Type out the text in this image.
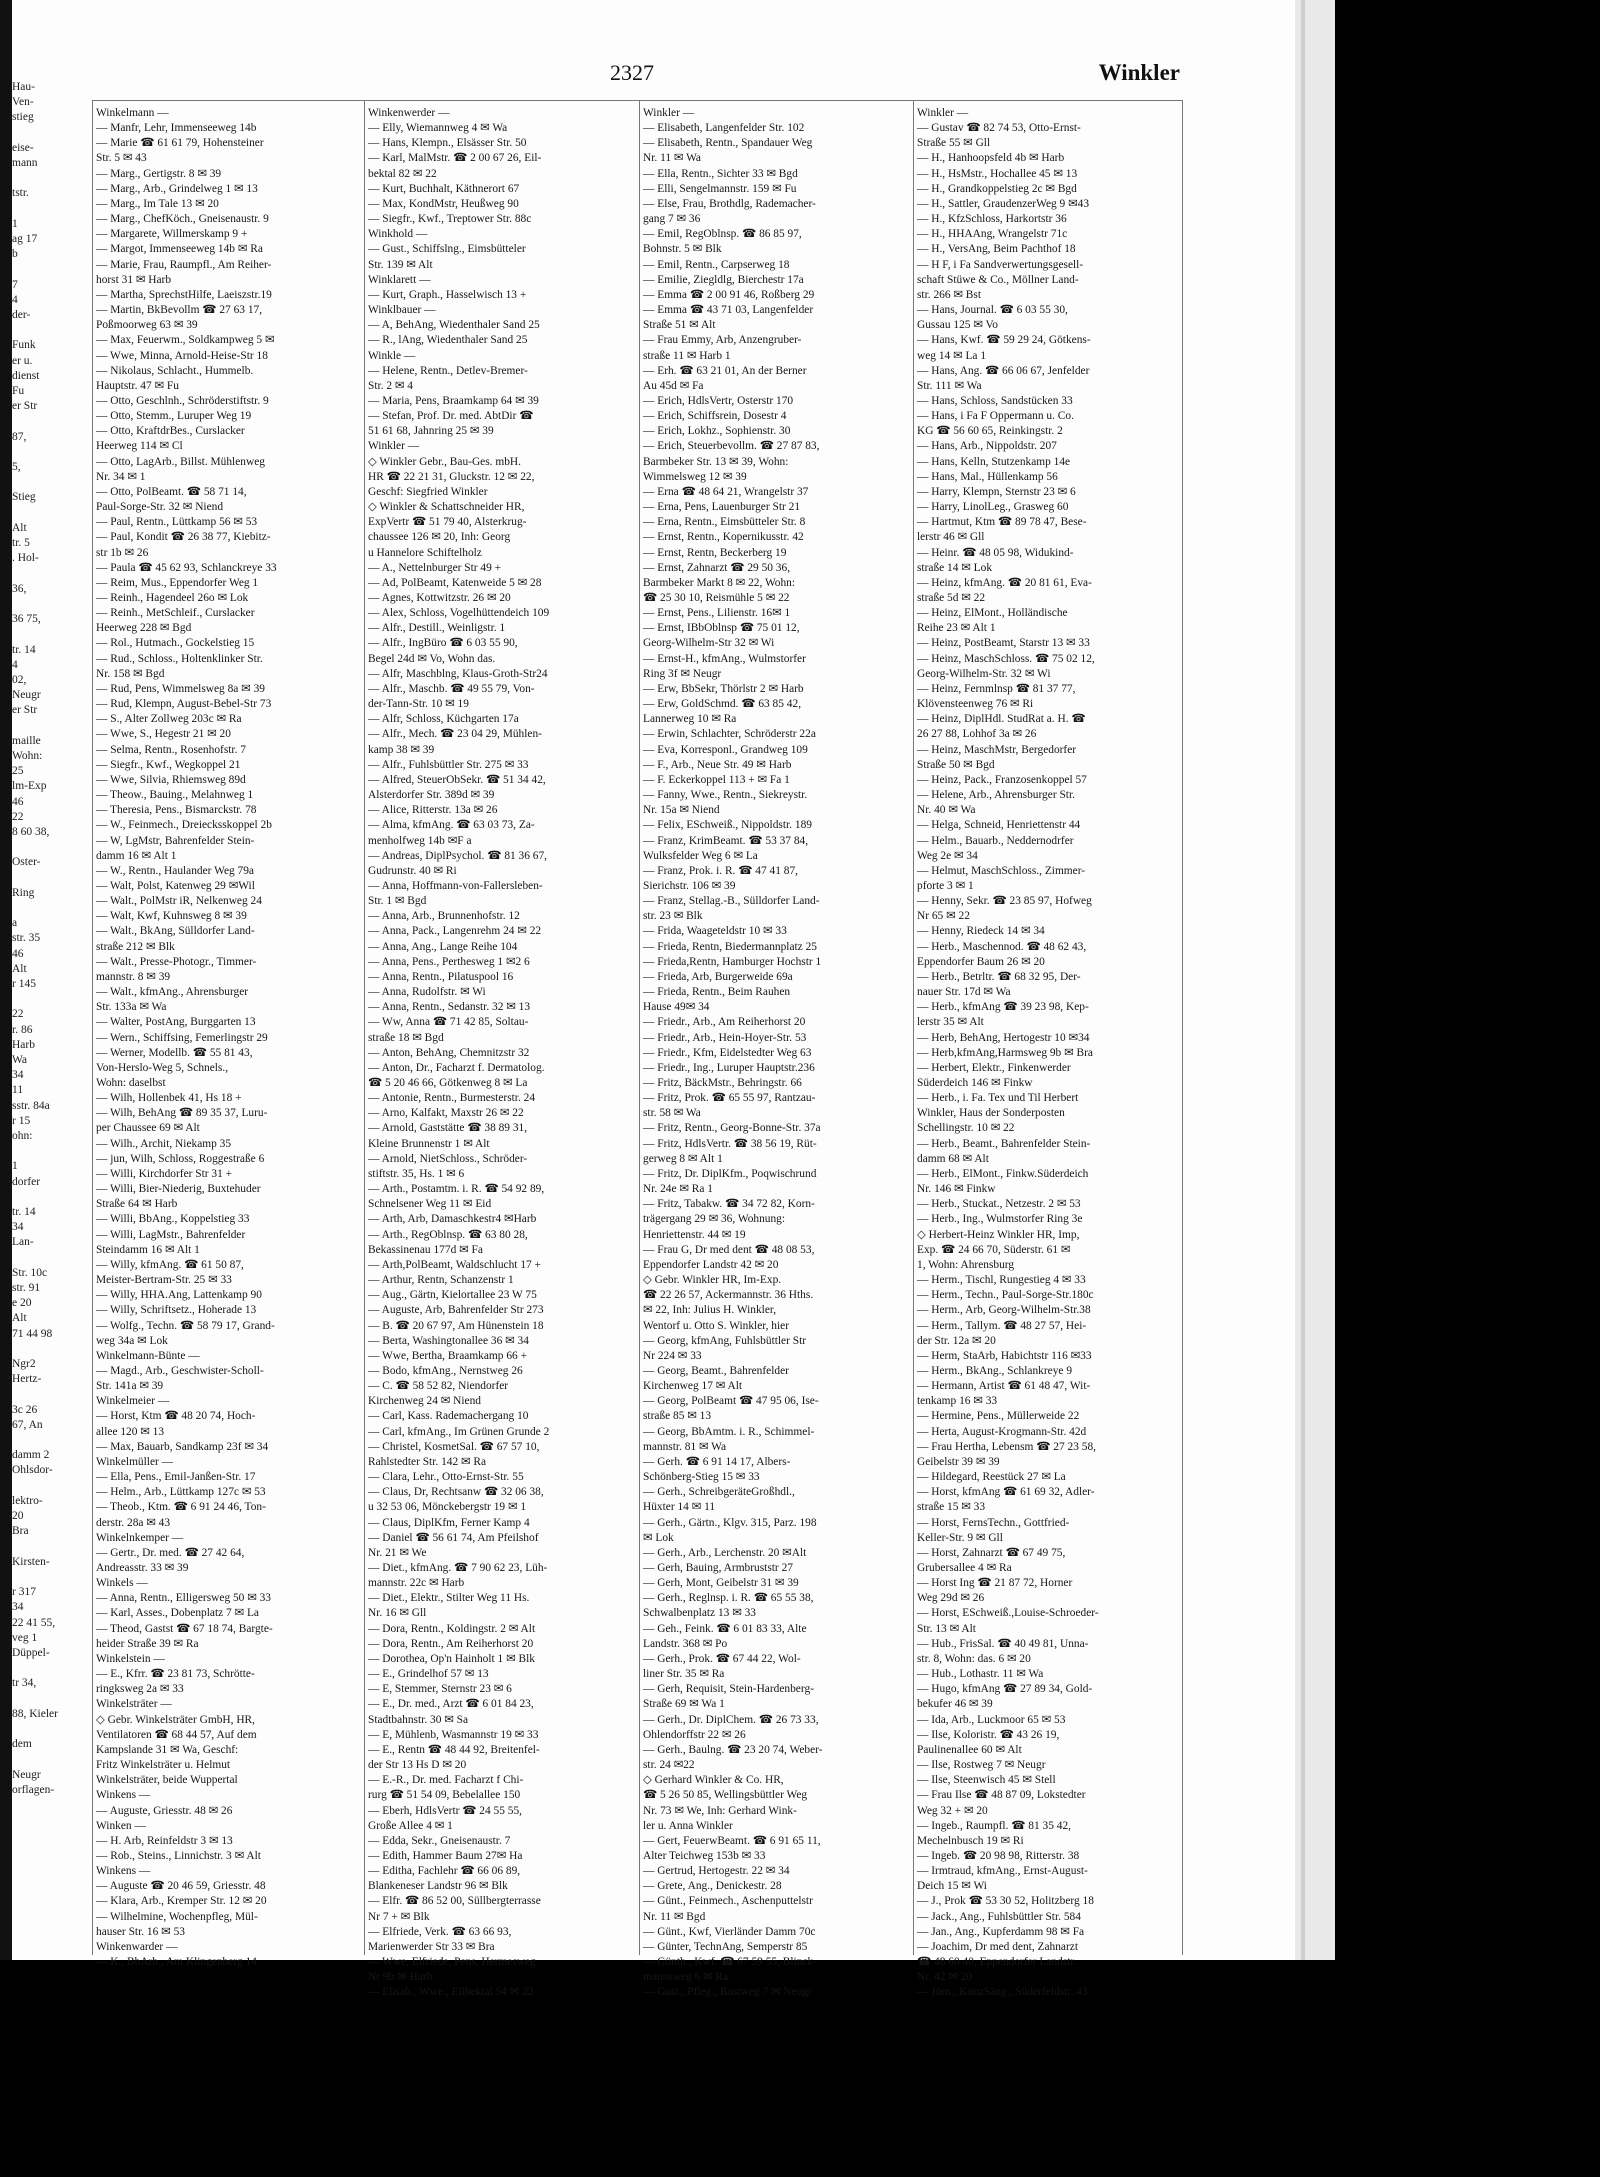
Hau-
Ven-
stieg

eise-
mann

tstr.

1
ag 17
b

7
4
der-

Funk
er u.
dienst
Fu
er Str

87,

5,

Stieg

Alt
tr. 5
. Hol-

36,

36 75,

tr. 14
4
02,
Neugr
er Str

maille
Wohn:
25
lm-Exp
46
22
8 60 38,

Oster-

Ring

a
str. 35
46
Alt
r 145

22
r. 86
Harb
Wa
34
11
sstr. 84a
r 15
ohn:

1
dorfer

tr. 14
34
Lan-

Str. 10c
str. 91
e 20
Alt
71 44 98

Ngr2
Hertz-

3c 26
67, An

damm 2
Ohlsdor-

lektro-
20
Bra

Kirsten-

r 317
34
22 41 55,
veg 1
Düppel-

tr 34,

88, Kieler

dem

Neugr
orflagen-
2327	Winkler
Winkelmann —
— Manfr, Lehr, Immenseeweg 14b
— Marie ☎ 61 61 79, Hohensteiner
Str. 5 ✉ 43
— Marg., Gertigstr. 8 ✉ 39
— Marg., Arb., Grindelweg 1 ✉ 13
— Marg., Im Tale 13 ✉ 20
— Marg., ChefKöch., Gneisenaustr. 9
— Margarete, Willmerskamp 9 +
— Margot, Immenseeweg 14b ✉ Ra
— Marie, Frau, Raumpfl., Am Reiher-
horst 31 ✉ Harb
— Martha, SprechstHilfe, Laeiszstr.19
— Martin, BkBevollm ☎ 27 63 17,
Poßmoorweg 63 ✉ 39
— Max, Feuerwm., Soldkampweg 5 ✉
— Wwe, Minna, Arnold-Heise-Str 18
— Nikolaus, Schlacht., Hummelb.
Hauptstr. 47 ✉ Fu
— Otto, Geschlnh., Schröderstiftstr. 9
— Otto, Stemm., Luruper Weg 19
— Otto, KraftdrBes., Curslacker
Heerweg 114 ✉ Cl
— Otto, LagArb., Billst. Mühlenweg
Nr. 34 ✉ 1
— Otto, PolBeamt. ☎ 58 71 14,
Paul-Sorge-Str. 32 ✉ Niend
— Paul, Rentn., Lüttkamp 56 ✉ 53
— Paul, Kondit ☎ 26 38 77, Kiebitz-
str 1b ✉ 26
— Paula ☎ 45 62 93, Schlanckreye 33
— Reim, Mus., Eppendorfer Weg 1
— Reinh., Hagendeel 26o ✉ Lok
— Reinh., MetSchleif., Curslacker
Heerweg 228 ✉ Bgd
— Rol., Hutmach., Gockelstieg 15
— Rud., Schloss., Holtenklinker Str.
Nr. 158 ✉ Bgd
— Rud, Pens, Wimmelsweg 8a ✉ 39
— Rud, Klempn, August-Bebel-Str 73
— S., Alter Zollweg 203c ✉ Ra
— Wwe, S., Hegestr 21 ✉ 20
— Selma, Rentn., Rosenhofstr. 7
— Siegfr., Kwf., Wegkoppel 21
— Wwe, Silvia, Rhiemsweg 89d
— Theow., Bauing., Melahnweg 1
— Theresia, Pens., Bismarckstr. 78
— W., Feinmech., Dreiecksskoppel 2b
— W, LgMstr, Bahrenfelder Stein-
damm 16 ✉ Alt 1
— W., Rentn., Haulander Weg 79a
— Walt, Polst, Katenweg 29 ✉Wil
— Walt., PolMstr iR, Nelkenweg 24
— Walt, Kwf, Kuhnsweg 8 ✉ 39
— Walt., BkAng, Sülldorfer Land-
straße 212 ✉ Blk
— Walt., Presse-Photogr., Timmer-
mannstr. 8 ✉ 39
— Walt., kfmAng., Ahrensburger
Str. 133a ✉ Wa
— Walter, PostAng, Burggarten 13
— Wern., Schiffsing, Femerlingstr 29
— Werner, Modellb. ☎ 55 81 43,
Von-Herslo-Weg 5, Schnels.,
Wohn: daselbst
— Wilh, Hollenbek 41, Hs 18 +
— Wilh, BehAng ☎ 89 35 37, Luru-
per Chaussee 69 ✉ Alt
— Wilh., Archit, Niekamp 35
— jun, Wilh, Schloss, Roggestraße 6
— Willi, Kirchdorfer Str 31 +
— Willi, Bier-Niederig, Buxtehuder
Straße 64 ✉ Harb
— Willi, BbAng., Koppelstieg 33
— Willi, LagMstr., Bahrenfelder
Steindamm 16 ✉ Alt 1
— Willy, kfmAng. ☎ 61 50 87,
Meister-Bertram-Str. 25 ✉ 33
— Willy, HHA.Ang, Lattenkamp 90
— Willy, Schriftsetz., Hoherade 13
— Wolfg., Techn. ☎ 58 79 17, Grand-
weg 34a ✉ Lok
Winkelmann-Bünte —
— Magd., Arb., Geschwister-Scholl-
Str. 141a ✉ 39
Winkelmeier —
— Horst, Ktm ☎ 48 20 74, Hoch-
allee 120 ✉ 13
— Max, Bauarb, Sandkamp 23f ✉ 34
Winkelmüller —
— Ella, Pens., Emil-Janßen-Str. 17
— Helm., Arb., Lüttkamp 127c ✉ 53
— Theob., Ktm. ☎ 6 91 24 46, Ton-
derstr. 28a ✉ 43
Winkelnkemper —
— Gertr., Dr. med. ☎ 27 42 64,
Andreasstr. 33 ✉ 39
Winkels —
— Anna, Rentn., Elligersweg 50 ✉ 33
— Karl, Asses., Dobenplatz 7 ✉ La
— Theod, Gastst ☎ 67 18 74, Bargte-
heider Straße 39 ✉ Ra
Winkelstein —
— E., Kfrr. ☎ 23 81 73, Schrötte-
ringksweg 2a ✉ 33
Winkelsträter —
◇ Gebr. Winkelsträter GmbH, HR,
Ventilatoren ☎ 68 44 57, Auf dem
Kampslande 31 ✉ Wa, Geschf:
Fritz Winkelsträter u. Helmut
Winkelsträter, beide Wuppertal
Winkens —
— Auguste, Griesstr. 48 ✉ 26
Winken —
— H. Arb, Reinfeldstr 3 ✉ 13
— Rob., Steins., Linnichstr. 3 ✉ Alt
Winkens —
— Auguste ☎ 20 46 59, Griesstr. 48
— Klara, Arb., Kremper Str. 12 ✉ 20
— Wilhelmine, Wochenpfleg, Mül-
hauser Str. 16 ✉ 53
Winkenwarder —
— K., BbArb., Am Klingenberg 14
Winkenwerder —
— Elly, Wiemannweg 4 ✉ Wa
— Hans, Klempn., Elsässer Str. 50
— Karl, MalMstr. ☎ 2 00 67 26, Eil-
bektal 82 ✉ 22
— Kurt, Buchhalt, Käthnerort 67
— Max, KondMstr, Heußweg 90
— Siegfr., Kwf., Treptower Str. 88c
Winkhold —
— Gust., Schiffslng., Eimsbütteler
Str. 139 ✉ Alt
Winklarett —
— Kurt, Graph., Hasselwisch 13 +
Winklbauer —
— A, BehAng, Wiedenthaler Sand 25
— R., lAng, Wiedenthaler Sand 25
Winkle —
— Helene, Rentn., Detlev-Bremer-
Str. 2 ✉ 4
— Maria, Pens, Braamkamp 64 ✉ 39
— Stefan, Prof. Dr. med. AbtDir ☎
51 61 68, Jahnring 25 ✉ 39
Winkler —
◇ Winkler Gebr., Bau-Ges. mbH.
HR ☎ 22 21 31, Gluckstr. 12 ✉ 22,
Geschf: Siegfried Winkler
◇ Winkler & Schattschneider HR,
ExpVertr ☎ 51 79 40, Alsterkrug-
chaussee 126 ✉ 20, Inh: Georg
u Hannelore Schiftelholz
— A., Nettelnburger Str 49 +
— Ad, PolBeamt, Katenweide 5 ✉ 28
— Agnes, Kottwitzstr. 26 ✉ 20
— Alex, Schloss, Vogelhüttendeich 109
— Alfr., Destill., Weinligstr. 1
— Alfr., IngBüro ☎ 6 03 55 90,
Begel 24d ✉ Vo, Wohn das.
— Alfr, Maschblng, Klaus-Groth-Str24
— Alfr., Maschb. ☎ 49 55 79, Von-
der-Tann-Str. 10 ✉ 19
— Alfr, Schloss, Küchgarten 17a
— Alfr., Mech. ☎ 23 04 29, Mühlen-
kamp 38 ✉ 39
— Alfr., Fuhlsbüttler Str. 275 ✉ 33
— Alfred, SteuerObSekr. ☎ 51 34 42,
Alsterdorfer Str. 389d ✉ 39
— Alice, Ritterstr. 13a ✉ 26
— Alma, kfmAng. ☎ 63 03 73, Za-
menholfweg 14b ✉F a
— Andreas, DiplPsychol. ☎ 81 36 67,
Gudrunstr. 40 ✉ Ri
— Anna, Hoffmann-von-Fallersleben-
Str. 1 ✉ Bgd
— Anna, Arb., Brunnenhofstr. 12
— Anna, Pack., Langenrehm 24 ✉ 22
— Anna, Ang., Lange Reihe 104
— Anna, Pens., Perthesweg 1 ✉2 6
— Anna, Rentn., Pilatuspool 16
— Anna, Rudolfstr. ✉ Wi
— Anna, Rentn., Sedanstr. 32 ✉ 13
— Ww, Anna ☎ 71 42 85, Soltau-
straße 18 ✉ Bgd
— Anton, BehAng, Chemnitzstr 32
— Anton, Dr., Facharzt f. Dermatolog.
☎ 5 20 46 66, Götkenweg 8 ✉ La
— Antonie, Rentn., Burmesterstr. 24
— Arno, Kalfakt, Maxstr 26 ✉ 22
— Arnold, Gaststätte ☎ 38 89 31,
Kleine Brunnenstr 1 ✉ Alt
— Arnold, NietSchloss., Schröder-
stiftstr. 35, Hs. 1 ✉ 6
— Arth., Postamtm. i. R. ☎ 54 92 89,
Schnelsener Weg 11 ✉ Eid
— Arth, Arb, Damaschkestr4 ✉Harb
— Arth., RegOblnsp. ☎ 63 80 28,
Bekassinenau 177d ✉ Fa
— Arth,PolBeamt, Waldschlucht 17 +
— Arthur, Rentn, Schanzenstr 1
— Aug., Gärtn, Kielortallee 23 W 75
— Auguste, Arb, Bahrenfelder Str 273
— B. ☎ 20 67 97, Am Hünenstein 18
— Berta, Washingtonallee 36 ✉ 34
— Wwe, Bertha, Braamkamp 66 +
— Bodo, kfmAng., Nernstweg 26
— C. ☎ 58 52 82, Niendorfer
Kirchenweg 24 ✉ Niend
— Carl, Kass. Rademachergang 10
— Carl, kfmAng., Im Grünen Grunde 2
— Christel, KosmetSal. ☎ 67 57 10,
Rahlstedter Str. 142 ✉ Ra
— Clara, Lehr., Otto-Ernst-Str. 55
— Claus, Dr, Rechtsanw ☎ 32 06 38,
u 32 53 06, Mönckebergstr 19 ✉ 1
— Claus, DiplKfm, Ferner Kamp 4
— Daniel ☎ 56 61 74, Am Pfeilshof
Nr. 21 ✉ We
— Diet., kfmAng. ☎ 7 90 62 23, Lüh-
mannstr. 22c ✉ Harb
— Diet., Elektr., Stilter Weg 11 Hs.
Nr. 16 ✉ Gll
— Dora, Rentn., Koldingstr. 2 ✉ Alt
— Dora, Rentn., Am Reiherhorst 20
— Dorothea, Op'n Hainholt 1 ✉ Blk
— E., Grindelhof 57 ✉ 13
— E, Stemmer, Sternstr 23 ✉ 6
— E., Dr. med., Arzt ☎ 6 01 84 23,
Stadtbahnstr. 30 ✉ Sa
— E, Mühlenb, Wasmannstr 19 ✉ 33
— E., Rentn ☎ 48 44 92, Breitenfel-
der Str 13 Hs D ✉ 20
— E.-R., Dr. med. Facharzt f Chi-
rurg ☎ 51 54 09, Bebelallee 150
— Eberh, HdlsVertr ☎ 24 55 55,
Große Allee 4 ✉ 1
— Edda, Sekr., Gneisenaustr. 7
— Edith, Hammer Baum 27✉ Ha
— Editha, Fachlehr ☎ 66 06 89,
Blankeneser Landstr 96 ✉ Blk
— Elfr. ☎ 86 52 00, Süllbergterrasse
Nr 7 + ✉ Blk
— Elfriede, Verk. ☎ 63 66 93,
Marienwerder Str 33 ✉ Bra
— Wwe, Elfriede, Pens, Hermesweg
Nr 9b ✉ Harb
— Elisab., Wwe., Eilbektal 54 ✉ 22
Winkler —
— Elisabeth, Langenfelder Str. 102
— Elisabeth, Rentn., Spandauer Weg
Nr. 11 ✉ Wa
— Ella, Rentn., Sichter 33 ✉ Bgd
— Elli, Sengelmannstr. 159 ✉ Fu
— Else, Frau, Brothdlg, Rademacher-
gang 7 ✉ 36
— Emil, RegOblnsp. ☎ 86 85 97,
Bohnstr. 5 ✉ Blk
— Emil, Rentn., Carpserweg 18
— Emilie, Ziegldlg, Bierchestr 17a
— Emma ☎ 2 00 91 46, Roßberg 29
— Emma ☎ 43 71 03, Langenfelder
Straße 51 ✉ Alt
— Frau Emmy, Arb, Anzengruber-
straße 11 ✉ Harb 1
— Erh. ☎ 63 21 01, An der Berner
Au 45d ✉ Fa
— Erich, HdlsVertr, Osterstr 170
— Erich, Schiffsrein, Dosestr 4
— Erich, Lokhz., Sophienstr. 30
— Erich, Steuerbevollm. ☎ 27 87 83,
Barmbeker Str. 13 ✉ 39, Wohn:
Wimmelsweg 12 ✉ 39
— Erna ☎ 48 64 21, Wrangelstr 37
— Erna, Pens, Lauenburger Str 21
— Erna, Rentn., Eimsbütteler Str. 8
— Ernst, Rentn., Kopernikusstr. 42
— Ernst, Rentn, Beckerberg 19
— Ernst, Zahnarzt ☎ 29 50 36,
Barmbeker Markt 8 ✉ 22, Wohn:
☎ 25 30 10, Reismühle 5 ✉ 22
— Ernst, Pens., Lilienstr. 16✉ 1
— Ernst, IBbOblnsp ☎ 75 01 12,
Georg-Wilhelm-Str 32 ✉ Wi
— Ernst-H., kfmAng., Wulmstorfer
Ring 3f ✉ Neugr
— Erw, BbSekr, Thörlstr 2 ✉ Harb
— Erw, GoldSchmd. ☎ 63 85 42,
Lannerweg 10 ✉ Ra
— Erwin, Schlachter, Schröderstr 22a
— Eva, Korresponl., Grandweg 109
— F., Arb., Neue Str. 49 ✉ Harb
— F. Eckerkoppel 113 + ✉ Fa 1
— Fanny, Wwe., Rentn., Siekreystr.
Nr. 15a ✉ Niend
— Felix, ESchweiß., Nippoldstr. 189
— Franz, KrimBeamt. ☎ 53 37 84,
Wulksfelder Weg 6 ✉ La
— Franz, Prok. i. R. ☎ 47 41 87,
Sierichstr. 106 ✉ 39
— Franz, Stellag.-B., Sülldorfer Land-
str. 23 ✉ Blk
— Frida, Waageteldstr 10 ✉ 33
— Frieda, Rentn, Biedermannplatz 25
— Frieda,Rentn, Hamburger Hochstr 1
— Frieda, Arb, Burgerweide 69a
— Frieda, Rentn., Beim Rauhen
Hause 49✉ 34
— Friedr., Arb., Am Reiherhorst 20
— Friedr., Arb., Hein-Hoyer-Str. 53
— Friedr., Kfm, Eidelstedter Weg 63
— Friedr., Ing., Luruper Hauptstr.236
— Fritz, BäckMstr., Behringstr. 66
— Fritz, Prok. ☎ 65 55 97, Rantzau-
str. 58 ✉ Wa
— Fritz, Rentn., Georg-Bonne-Str. 37a
— Fritz, HdlsVertr. ☎ 38 56 19, Rüt-
gerweg 8 ✉ Alt 1
— Fritz, Dr. DiplKfm., Poqwischrund
Nr. 24e ✉ Ra 1
— Fritz, Tabakw. ☎ 34 72 82, Korn-
trägergang 29 ✉ 36, Wohnung:
Henriettenstr. 44 ✉ 19
— Frau G, Dr med dent ☎ 48 08 53,
Eppendorfer Landstr 42 ✉ 20
◇ Gebr. Winkler HR, Im-Exp.
☎ 22 26 57, Ackermannstr. 36 Hths.
✉ 22, Inh: Julius H. Winkler,
Wentorf u. Otto S. Winkler, hier
— Georg, kfmAng, Fuhlsbüttler Str
Nr 224 ✉ 33
— Georg, Beamt., Bahrenfelder
Kirchenweg 17 ✉ Alt
— Georg, PolBeamt ☎ 47 95 06, Ise-
straße 85 ✉ 13
— Georg, BbAmtm. i. R., Schimmel-
mannstr. 81 ✉ Wa
— Gerh. ☎ 6 91 14 17, Albers-
Schönberg-Stieg 15 ✉ 33
— Gerh., SchreibgeräteGroßhdl.,
Hüxter 14 ✉ 11
— Gerh., Gärtn., Klgv. 315, Parz. 198
✉ Lok
— Gerh., Arb., Lerchenstr. 20 ✉Alt
— Gerh, Bauing, Armbruststr 27
— Gerh, Mont, Geibelstr 31 ✉ 39
— Gerh., Reglnsp. i. R. ☎ 65 55 38,
Schwalbenplatz 13 ✉ 33
— Geh., Feink. ☎ 6 01 83 33, Alte
Landstr. 368 ✉ Po
— Gerh., Prok. ☎ 67 44 22, Wol-
liner Str. 35 ✉ Ra
— Gerh, Requisit, Stein-Hardenberg-
Straße 69 ✉ Wa 1
— Gerh., Dr. DiplChem. ☎ 26 73 33,
Ohlendorffstr 22 ✉ 26
— Gerh., Baulng. ☎ 23 20 74, Weber-
str. 24 ✉22
◇ Gerhard Winkler & Co. HR,
☎ 5 26 50 85, Wellingsbüttler Weg
Nr. 73 ✉ We, Inh: Gerhard Wink-
ler u. Anna Winkler
— Gert, FeuerwBeamt. ☎ 6 91 65 11,
Alter Teichweg 153b ✉ 33
— Gertrud, Hertogestr. 22 ✉ 34
— Grete, Ang., Denickestr. 28
— Günt., Feinmech., Aschenputtelstr
Nr. 11 ✉ Bgd
— Günt., Kwf, Vierländer Damm 70c
— Günter, TechnAng, Semperstr 85
— Günth., Kwf. ☎ 67 59 55, Blinck-
mannsweg 6 ✉ Ra
— Gust., Pfleg., Rostweg 7 ✉ Neugr
Winkler —
— Gustav ☎ 82 74 53, Otto-Ernst-
Straße 55 ✉ Gll
— H., Hanhoopsfeld 4b ✉ Harb
— H., HsMstr., Hochallee 45 ✉ 13
— H., Grandkoppelstieg 2c ✉ Bgd
— H., Sattler, GraudenzerWeg 9 ✉43
— H., KfzSchloss, Harkortstr 36
— H., HHAAng, Wrangelstr 71c
— H., VersAng, Beim Pachthof 18
— H F, i Fa Sandverwertungsgesell-
schaft Stüwe & Co., Möllner Land-
str. 266 ✉ Bst
— Hans, Journal. ☎ 6 03 55 30,
Gussau 125 ✉ Vo
— Hans, Kwf. ☎ 59 29 24, Götkens-
weg 14 ✉ La 1
— Hans, Ang. ☎ 66 06 67, Jenfelder
Str. 111 ✉ Wa
— Hans, Schloss, Sandstücken 33
— Hans, i Fa F Oppermann u. Co.
KG ☎ 56 60 65, Reinkingstr. 2
— Hans, Arb., Nippoldstr. 207
— Hans, Kelln, Stutzenkamp 14e
— Hans, Mal., Hüllenkamp 56
— Harry, Klempn, Sternstr 23 ✉ 6
— Harry, LinolLeg., Grasweg 60
— Hartmut, Ktm ☎ 89 78 47, Bese-
lerstr 46 ✉ Gll
— Heinr. ☎ 48 05 98, Widukind-
straße 14 ✉ Lok
— Heinz, kfmAng. ☎ 20 81 61, Eva-
straße 5d ✉ 22
— Heinz, ElMont., Holländische
Reihe 23 ✉ Alt 1
— Heinz, PostBeamt, Starstr 13 ✉ 33
— Heinz, MaschSchloss. ☎ 75 02 12,
Georg-Wilhelm-Str. 32 ✉ Wi
— Heinz, Fernmlnsp ☎ 81 37 77,
Klövensteenweg 76 ✉ Ri
— Heinz, DiplHdl. StudRat a. H. ☎
26 27 88, Lohhof 3a ✉ 26
— Heinz, MaschMstr, Bergedorfer
Straße 50 ✉ Bgd
— Heinz, Pack., Franzosenkoppel 57
— Helene, Arb., Ahrensburger Str.
Nr. 40 ✉ Wa
— Helga, Schneid, Henriettenstr 44
— Helm., Bauarb., Neddernodrfer
Weg 2e ✉ 34
— Helmut, MaschSchloss., Zimmer-
pforte 3 ✉ 1
— Henny, Sekr. ☎ 23 85 97, Hofweg
Nr 65 ✉ 22
— Henny, Riedeck 14 ✉ 34
— Herb., Maschennod. ☎ 48 62 43,
Eppendorfer Baum 26 ✉ 20
— Herb., Betrltr. ☎ 68 32 95, Der-
nauer Str. 17d ✉ Wa
— Herb., kfmAng ☎ 39 23 98, Kep-
lerstr 35 ✉ Alt
— Herb, BehAng, Hertogestr 10 ✉34
— Herb,kfmAng,Harmsweg 9b ✉ Bra
— Herbert, Elektr., Finkenwerder
Süderdeich 146 ✉ Finkw
— Herb., i. Fa. Tex und Til Herbert
Winkler, Haus der Sonderposten
Schellingstr. 10 ✉ 22
— Herb., Beamt., Bahrenfelder Stein-
damm 68 ✉ Alt
— Herb., ElMont., Finkw.Süderdeich
Nr. 146 ✉ Finkw
— Herb., Stuckat., Netzestr. 2 ✉ 53
— Herb., Ing., Wulmstorfer Ring 3e
◇ Herbert-Heinz Winkler HR, Imp,
Exp. ☎ 24 66 70, Süderstr. 61 ✉
1, Wohn: Ahrensburg
— Herm., Tischl, Rungestieg 4 ✉ 33
— Herm., Techn., Paul-Sorge-Str.180c
— Herm., Arb, Georg-Wilhelm-Str.38
— Herm., Tallym. ☎ 48 27 57, Hei-
der Str. 12a ✉ 20
— Herm, StaArb, Habichtstr 116 ✉33
— Herm., BkAng., Schlankreye 9
— Hermann, Artist ☎ 61 48 47, Wit-
tenkamp 16 ✉ 33
— Hermine, Pens., Müllerweide 22
— Herta, August-Krogmann-Str. 42d
— Frau Hertha, Lebensm ☎ 27 23 58,
Geibelstr 39 ✉ 39
— Hildegard, Reestück 27 ✉ La
— Horst, kfmAng ☎ 61 69 32, Adler-
straße 15 ✉ 33
— Horst, FernsTechn., Gottfried-
Keller-Str. 9 ✉ Gll
— Horst, Zahnarzt ☎ 67 49 75,
Grubersallee 4 ✉ Ra
— Horst Ing ☎ 21 87 72, Horner
Weg 29d ✉ 26
— Horst, ESchweiß.,Louise-Schroeder-
Str. 13 ✉ Alt
— Hub., FrisSal. ☎ 40 49 81, Unna-
str. 8, Wohn: das. 6 ✉ 20
— Hub., Lothastr. 11 ✉ Wa
— Hugo, kfmAng ☎ 27 89 34, Gold-
bekufer 46 ✉ 39
— Ida, Arb., Luckmoor 65 ✉ 53
— Ilse, Koloristr. ☎ 43 26 19,
Paulinenallee 60 ✉ Alt
— Ilse, Rostweg 7 ✉ Neugr
— Ilse, Steenwisch 45 ✉ Stell
— Frau Ilse ☎ 48 87 09, Lokstedter
Weg 32 + ✉ 20
— Ingeb., Raumpfl. ☎ 81 35 42,
Mechelnbusch 19 ✉ Ri
— Ingeb. ☎ 20 98 98, Ritterstr. 38
— Irmtraud, kfmAng., Ernst-August-
Deich 15 ✉ Wi
— J., Prok ☎ 53 30 52, Holitzberg 18
— Jack., Ang., Fuhlsbüttler Str. 584
— Jan., Ang., Kupferdamm 98 ✉ Fa
— Joachim, Dr med dent, Zahnarzt
☎ 48 60 40, Eppendorfer Landstr.
Nr. 42 ✉ 20
— Jörn., KonzSäng., Süderfeldstr. 43
